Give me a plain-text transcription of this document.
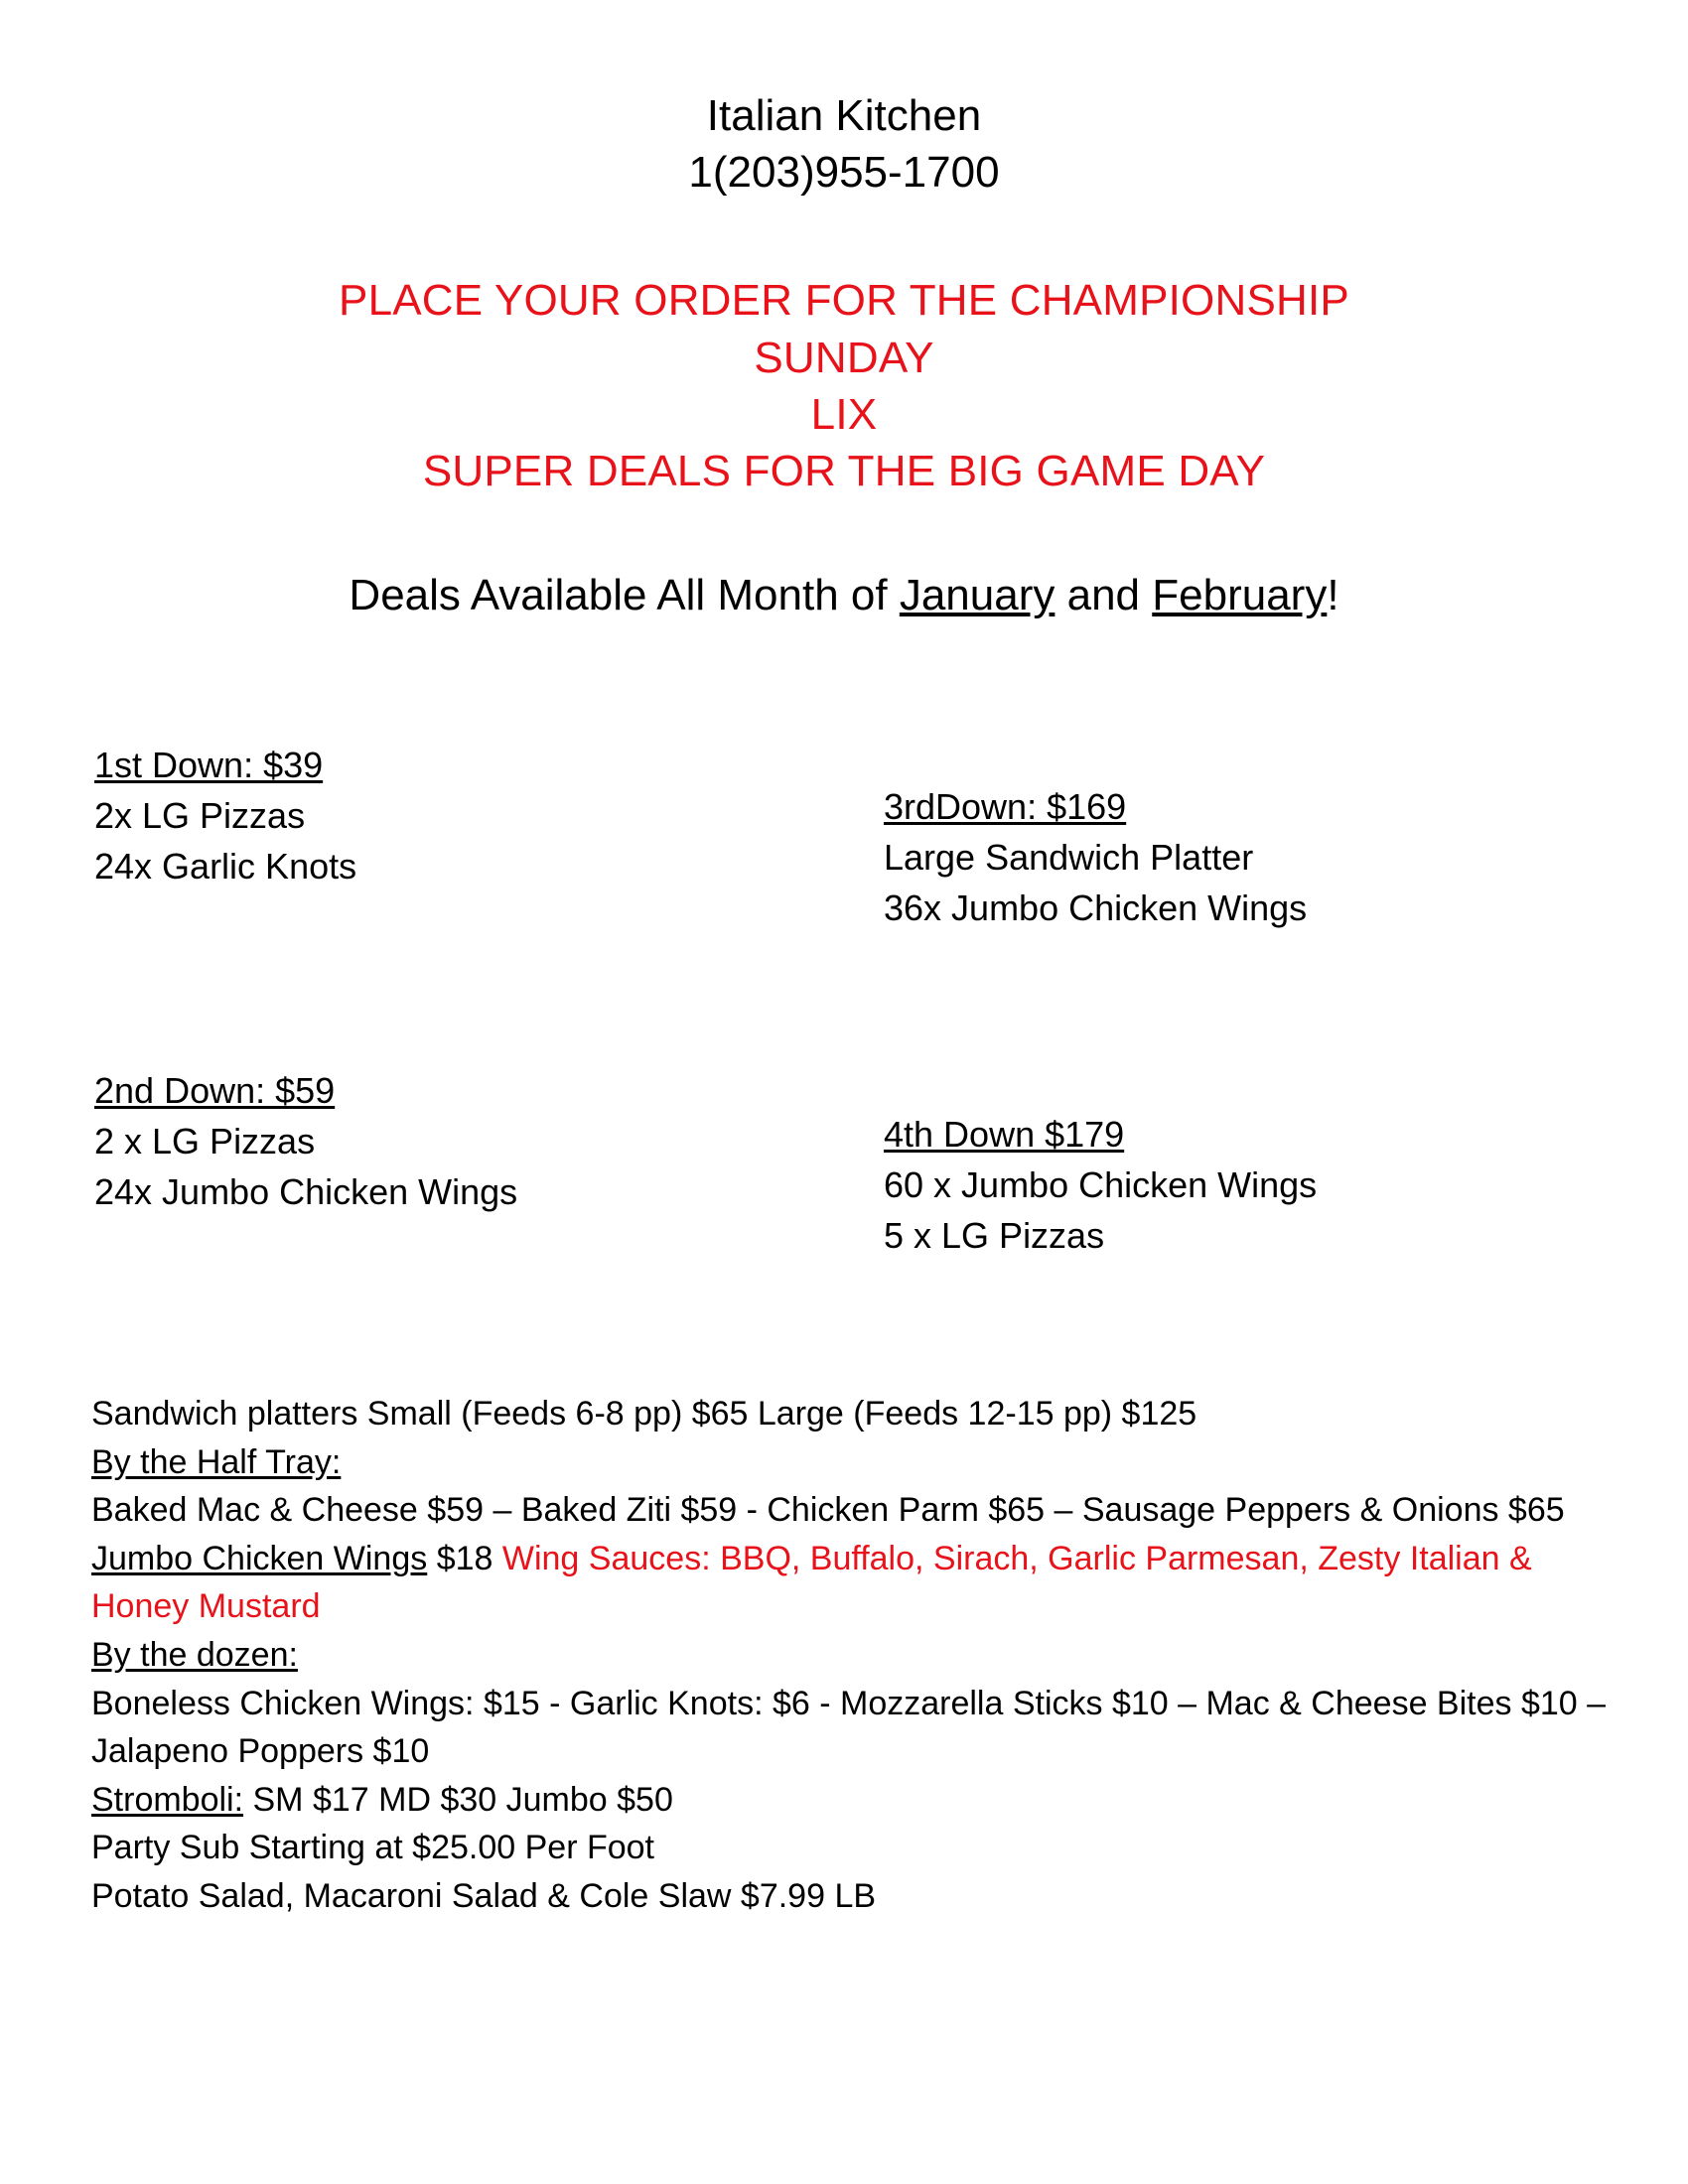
Italian Kitchen
1(203)955-1700
PLACE YOUR ORDER FOR THE CHAMPIONSHIP
SUNDAY
LIX
SUPER DEALS FOR THE BIG GAME DAY
Deals Available All Month of January and February!
1st Down: $39
2x LG Pizzas
24x Garlic Knots
2nd Down: $59
2 x LG Pizzas
24x Jumbo Chicken Wings
3rdDown: $169
Large Sandwich Platter
36x Jumbo Chicken Wings
4th Down $179
60 x Jumbo Chicken Wings
5 x LG Pizzas

Sandwich platters Small (Feeds 6-8 pp) $65 Large (Feeds 12-15 pp) $125

By the Half Tray:

Baked Mac & Cheese $59 – Baked Ziti $59 - Chicken Parm $65 – Sausage Peppers & Onions $65

Jumbo Chicken Wings $18 Wing Sauces: BBQ, Buffalo, Sirach, Garlic Parmesan, Zesty Italian & Honey Mustard

By the dozen:

Boneless Chicken Wings: $15 - Garlic Knots: $6 - Mozzarella Sticks $10 – Mac & Cheese Bites $10 – Jalapeno Poppers $10

Stromboli: SM $17 MD $30 Jumbo $50

Party Sub Starting at $25.00 Per Foot

Potato Salad, Macaroni Salad & Cole Slaw $7.99 LB
